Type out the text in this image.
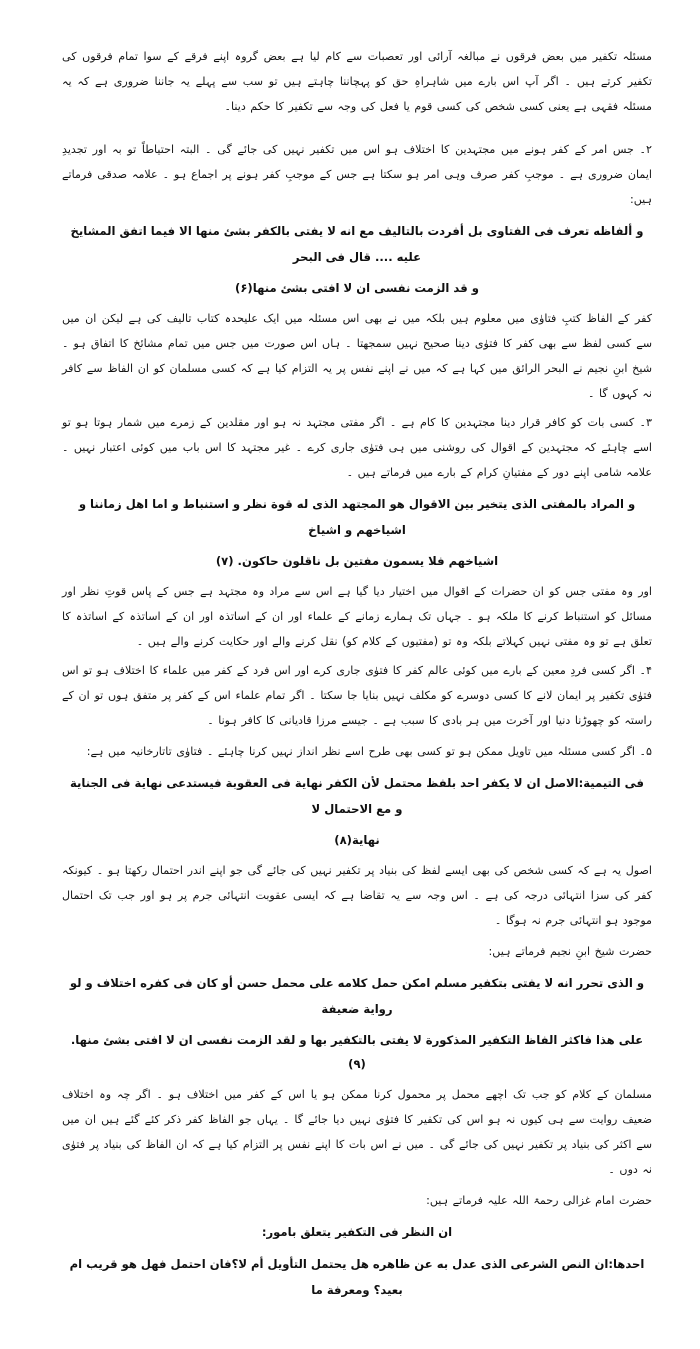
مسئلہ تکفیر میں بعض فرقوں نے مبالغہ آرائی اور تعصبات سے کام لیا ہے بعض گروہ اپنے فرقے کے سوا تمام فرقوں کی تکفیر کرتے ہیں ۔ اگر آپ اس بارے میں شاہراہِ حق کو پہچاننا چاہتے ہیں تو سب سے پہلے یہ جاننا ضروری ہے کہ یہ مسئلہ فقہی ہے یعنی کسی شخص کی کسی قوم یا فعل کی وجہ سے تکفیر کا حکم دینا۔

۲۔ جس امر کے کفر ہونے میں مجتہدین کا اختلاف ہو اس میں تکفیر نہیں کی جائے گی ۔ البتہ احتیاطاً تو بہ اور تجدیدِ ایمان ضروری ہے ۔ موجبِ کفر صرف وہی امر ہو سکتا ہے جس کے موجبِ کفر ہونے پر اجماع ہو ۔ علامہ صدقی فرماتے ہیں:

و ألفاظه تعرف فى الفتاوى بل أفردت بالتاليف مع انه لا يفتى بالكفر بشئ منها الا فيما اتفق المشايخ عليه .... قال فى البحر

و قد الزمت نفسى ان لا افتى بشئ منها(۶)

کفر کے الفاظ کتبِ فتاوٰی میں معلوم ہیں بلکہ میں نے بھی اس مسئلہ میں ایک علیحدہ کتاب تالیف کی ہے لیکن ان میں سے کسی لفظ سے بھی کفر کا فتوٰی دینا صحیح نہیں سمجھتا ۔ ہاں اس صورت میں جس میں تمام مشائخ کا اتفاق ہو ۔ شیخ ابنِ نجیم نے البحر الرائق میں کہا ہے کہ میں نے اپنے نفس پر یہ التزام کیا ہے کہ کسی مسلمان کو ان الفاظ سے کافر نہ کہوں گا ۔

۳۔ کسی بات کو کافر قرار دینا مجتہدین کا کام ہے ۔ اگر مفتی مجتہد نہ ہو اور مقلدین کے زمرے میں شمار ہوتا ہو تو اسے چاہئے کہ مجتہدین کے اقوال کی روشنی میں ہی فتوٰی جاری کرے ۔ غیر مجتہد کا اس باب میں کوئی اعتبار نہیں ۔ علامہ شامی اپنے دور کے مفتیانِ کرام کے بارے میں فرماتے ہیں ۔

و المراد بالمفتى الذى يتخير بين الاقوال هو المجتهد الذى له قوة نظر و استنباط و اما اهل زماننا و اشياخهم و اشياخ

اشياخهم فلا يسمون مفتين بل ناقلون حاكون. (۷)

اور وہ مفتی جس کو ان حضرات کے اقوال میں اختیار دیا گیا ہے اس سے مراد وہ مجتہد ہے جس کے پاس قوتِ نظر اور مسائل کو استنباط کرنے کا ملکہ ہو ۔ جہاں تک ہمارے زمانے کے علماء اور ان کے اساتذہ اور ان کے اساتذہ کے اساتذہ کا تعلق ہے تو وہ مفتی نہیں کہلاتے بلکہ وہ تو (مفتیوں کے کلام کو) نقل کرنے والے اور حکایت کرنے والے ہیں ۔

۴۔ اگر کسی فردِ معین کے بارے میں کوئی عالم کفر کا فتوٰی جاری کرے اور اس فرد کے کفر میں علماء کا اختلاف ہو تو اس فتوٰی تکفیر پر ایمان لانے کا کسی دوسرے کو مکلف نہیں بنایا جا سکتا ۔ اگر تمام علماء اس کے کفر پر متفق ہوں تو ان کے راستہ کو چھوڑنا دنیا اور آخرت میں ہر بادی کا سبب ہے ۔ جیسے مرزا قادیانی کا کافر ہونا ۔

۵۔ اگر کسی مسئلہ میں تاویل ممکن ہو تو کسی بھی طرح اسے نظر انداز نہیں کرنا چاہئے ۔ فتاوٰی تاتارخانیہ میں ہے:

فى التيمية:الاصل ان لا يكفر احد بلفظ محتمل لأن الكفر نهاية فى العقوبة فيستدعى نهاية فى الجناية و مع الاحتمال لا

نهاية(۸)

اصول یہ ہے کہ کسی شخص کی بھی ایسے لفظ کی بنیاد پر تکفیر نہیں کی جائے گی جو اپنے اندر احتمال رکھتا ہو ۔ کیونکہ کفر کی سزا انتہائی درجہ کی ہے ۔ اس وجہ سے یہ تقاضا ہے کہ ایسی عقوبت انتہائی جرم پر ہو اور جب تک احتمال موجود ہو انتہائی جرم نہ ہوگا ۔

حضرت شیخ ابنِ نجیم فرماتے ہیں:

و الذى تحرر انه لا يفتى بتكفير مسلم امكن حمل كلامه على محمل حسن أو كان فى كفره اختلاف و لو رواية ضعيفة

على هذا فاكثر الفاظ التكفير المذكورة لا يفتى بالتكفير بها و لقد الزمت نفسى ان لا افتى بشئ منها. (۹)

مسلمان کے کلام کو جب تک اچھے محمل پر محمول کرنا ممکن ہو یا اس کے کفر میں اختلاف ہو ۔ اگر چہ وہ اختلاف ضعیف روایت سے ہی کیوں نہ ہو اس کی تکفیر کا فتوٰی نہیں دیا جائے گا ۔ یہاں جو الفاظ کفر ذکر کئے گئے ہیں ان میں سے اکثر کی بنیاد پر تکفیر نہیں کی جائے گی ۔ میں نے اس بات کا اپنے نفس پر التزام کیا ہے کہ ان الفاظ کی بنیاد پر فتوٰی نہ دوں ۔

حضرت امام غزالی رحمۃ اللہ علیہ فرماتے ہیں:

ان النظر فى التكفير يتعلق بامور:

احدها:ان النص الشرعى الذى عدل به عن ظاهره هل يحتمل التأويل أم لا؟فان احتمل فهل هو قريب ام بعيد؟ ومعرفة ما
